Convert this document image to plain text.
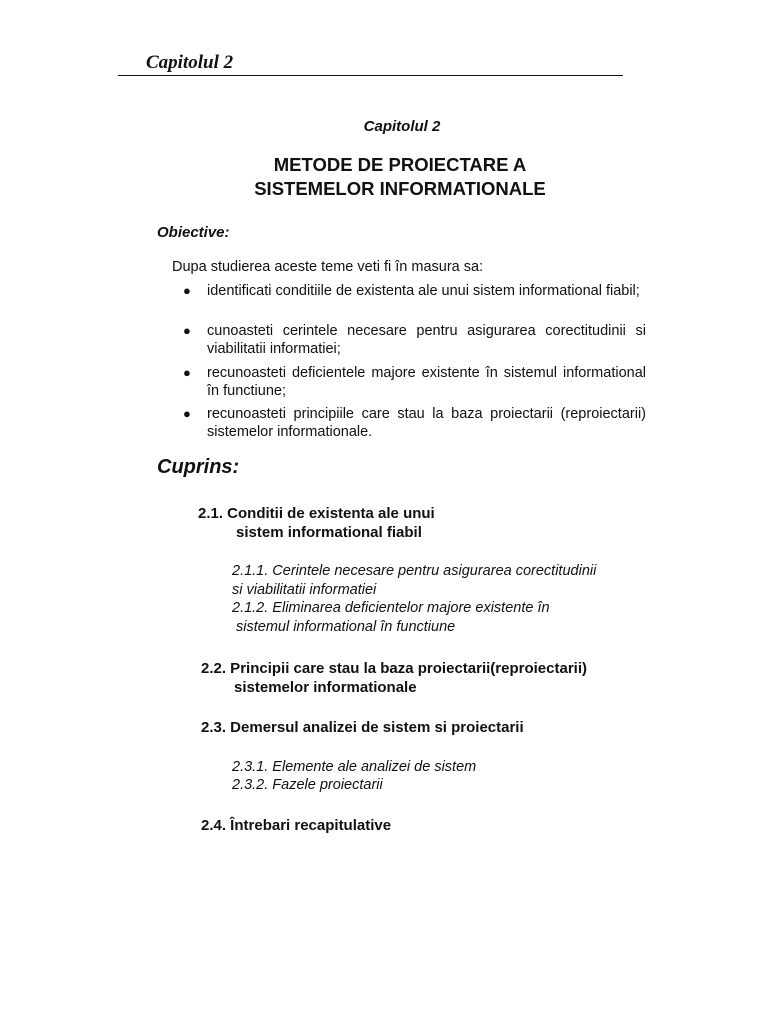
Capitolul 2

Capitolul 2

METODE DE PROIECTARE A
SISTEMELOR INFORMATIONALE

Obiective:

Dupa studierea aceste teme veti fi în masura sa:

● identificati conditiile de existenta ale unui sistem informational fiabil;
● cunoasteti cerintele necesare pentru asigurarea corectitudinii si viabilitatii informatiei;
● recunoasteti deficientele majore existente în sistemul informational în functiune;
● recunoasteti principiile care stau la baza proiectarii (reproiectarii) sistemelor informationale.

Cuprins:

2.1. Conditii de existenta ale unui
sistem informational fiabil
2.1.1. Cerintele necesare pentru asigurarea corectitudinii
si viabilitatii informatiei
2.1.2. Eliminarea deficientelor majore existente în
sistemul informational în functiune
2.2. Principii care stau la baza proiectarii(reproiectarii)
sistemelor informationale

2.3. Demersul analizei de sistem si proiectarii

2.3.1. Elemente ale analizei de sistem

2.3.2. Fazele proiectarii

2.4. Întrebari recapitulative
